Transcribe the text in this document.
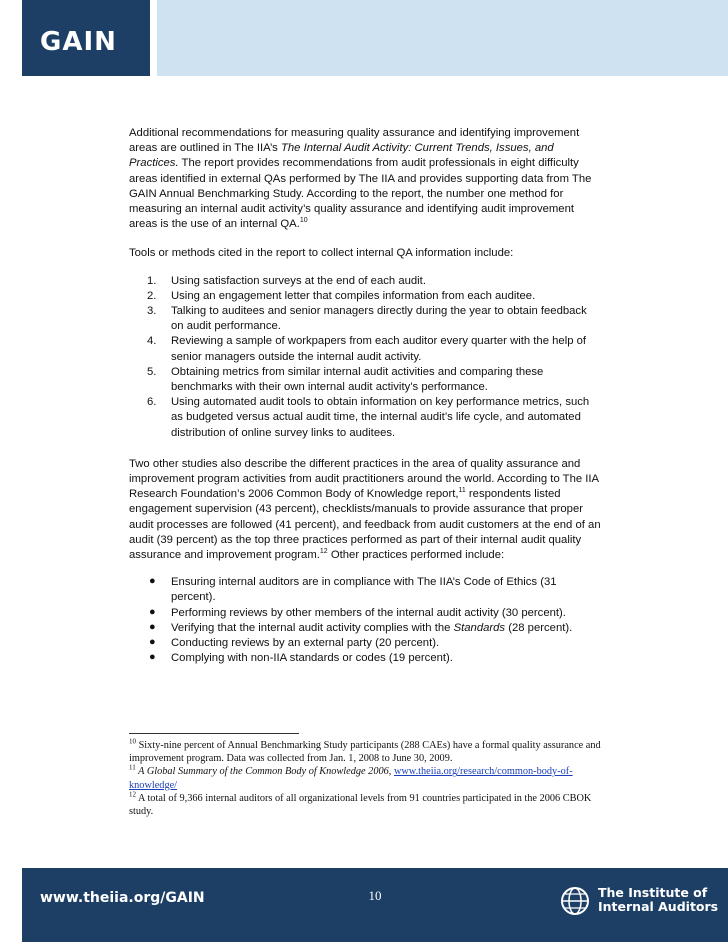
GAIN

Additional recommendations for measuring quality assurance and identifying improvement areas are outlined in The IIA’s The Internal Audit Activity: Current Trends, Issues, and Practices. The report provides recommendations from audit professionals in eight difficulty areas identified in external QAs performed by The IIA and provides supporting data from The GAIN Annual Benchmarking Study. According to the report, the number one method for measuring an internal audit activity’s quality assurance and identifying audit improvement areas is the use of an internal QA.$^{10}$

Tools or methods cited in the report to collect internal QA information include:

1. Using satisfaction surveys at the end of each audit.
2. Using an engagement letter that compiles information from each auditee.
3. Talking to auditees and senior managers directly during the year to obtain feedback on audit performance.
4. Reviewing a sample of workpapers from each auditor every quarter with the help of senior managers outside the internal audit activity.
5. Obtaining metrics from similar internal audit activities and comparing these benchmarks with their own internal audit activity’s performance.
6. Using automated audit tools to obtain information on key performance metrics, such as budgeted versus actual audit time, the internal audit’s life cycle, and automated distribution of online survey links to auditees.

Two other studies also describe the different practices in the area of quality assurance and improvement program activities from audit practitioners around the world. According to The IIA Research Foundation’s 2006 Common Body of Knowledge report,$^{11}$ respondents listed engagement supervision (43 percent), checklists/manuals to provide assurance that proper audit processes are followed (41 percent), and feedback from audit customers at the end of an audit (39 percent) as the top three practices performed as part of their internal audit quality assurance and improvement program.$^{12}$ Other practices performed include:

● Ensuring internal auditors are in compliance with The IIA’s Code of Ethics (31 percent).
● Performing reviews by other members of the internal audit activity (30 percent).
● Verifying that the internal audit activity complies with the Standards (28 percent).
● Conducting reviews by an external party (20 percent).
● Complying with non-IIA standards or codes (19 percent).

$^{10}$ Sixty-nine percent of Annual Benchmarking Study participants (288 CAEs) have a formal quality assurance and improvement program. Data was collected from Jan. 1, 2008 to June 30, 2009.

$^{11}$ A Global Summary of the Common Body of Knowledge 2006, www.theiia.org/research/common-body-of-knowledge/

$^{12}$ A total of 9,366 internal auditors of all organizational levels from 91 countries participated in the 2006 CBOK study.

www.theiia.org/GAIN	10	The Institute of
Internal Auditors
